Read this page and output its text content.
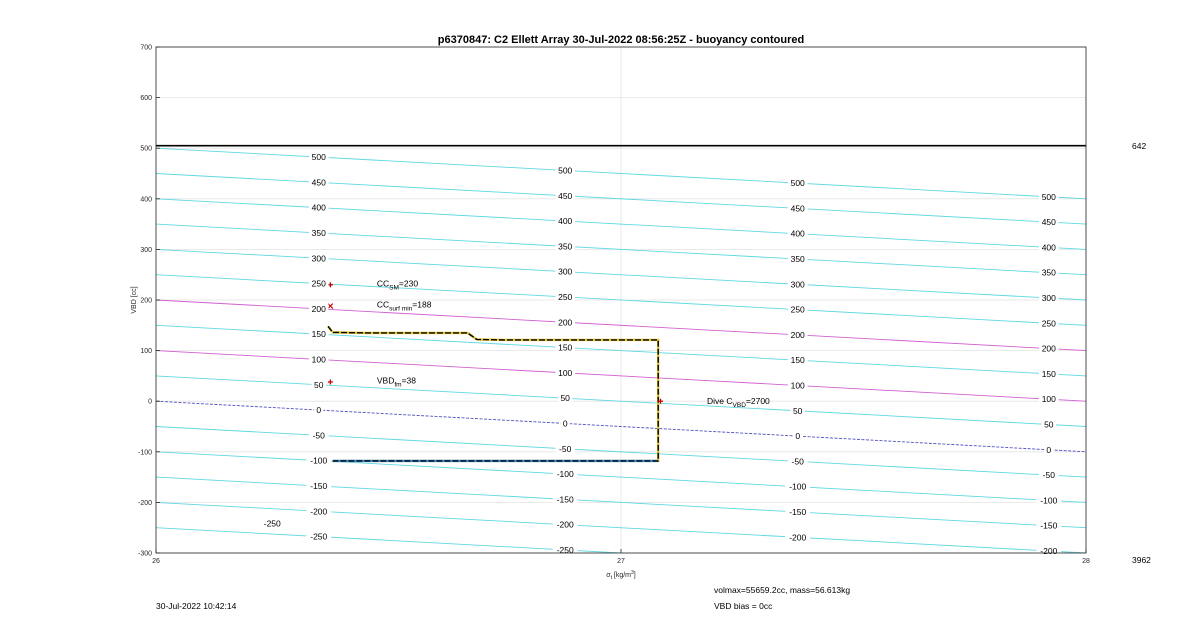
-250
-200
-150
-100
-50
0
50
100
150
200
250
300
350
400
450
500
-250
-200
-150
-100
-50
0
50
100
150
200
250
300
350
400
450
500
-200
-150
-100
-50
0
50
100
150
200
250
300
350
400
450
500
-200
-150
-100
-50
0
50
100
150
200
250
300
350
400
450
500
-250
$CC_{SM}=230$
$CC_{surf min}=188$
$VBD_{fm}=38$
Dive $C_{VBD}=2700$
-300
-200
-100
0
100
200
300
400
500
600
700
26	27	28
p6370847: C2 Ellett Array 30-Jul-2022 08:56:25Z - buoyancy contoured
VBD [cc]
$\sigma_t$ $[kg/m^3]$
642
3962
30-Jul-2022 10:42:14
volmax=55659.2cc, mass=56.613kg
VBD bias = 0cc
